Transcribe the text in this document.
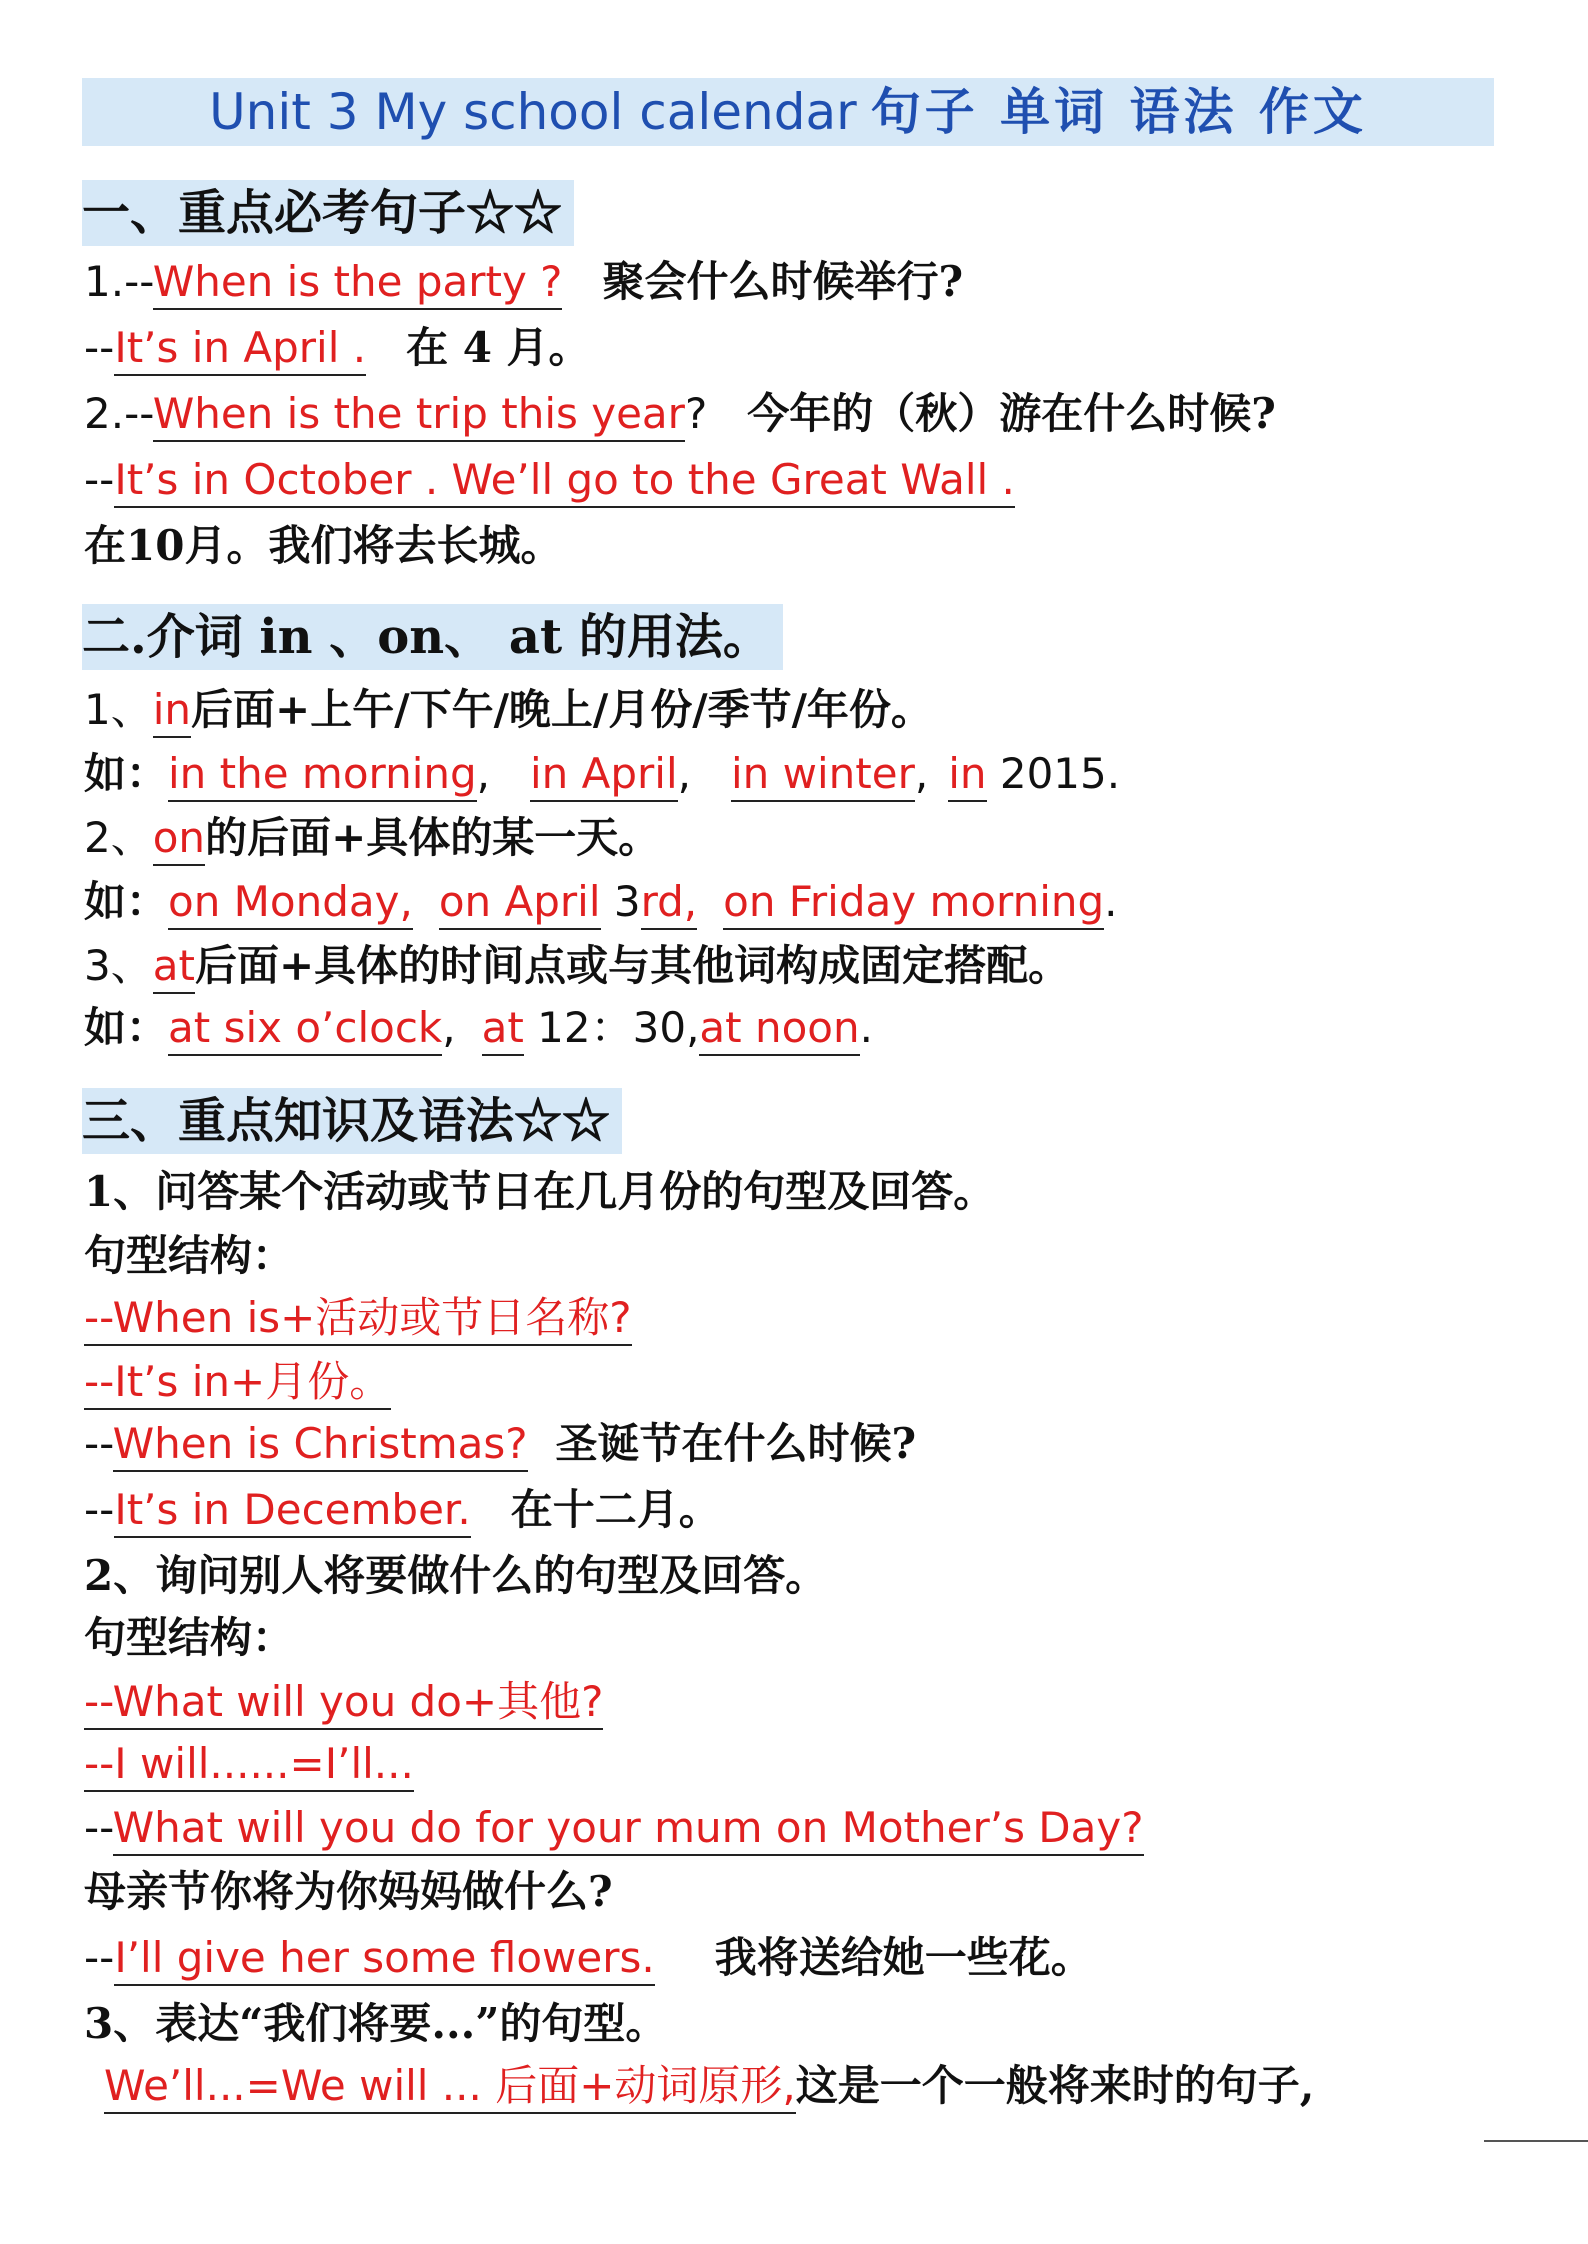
Unit 3 My school calendar 句子 单词 语法 作文
一、重点必考句子☆☆
1.--When is the party ? 聚会什么时候举行?
--It’s in April . 在 4 月。
2.--When is the trip this year? 今年的（秋）游在什么时候?
--It’s in October . We’ll go to the Great Wall .
在10月。我们将去长城。
二.介词 in 、on、 at 的用法。
1、in后面+上午/下午/晚上/月份/季节/年份。
如：in the morning, in April, in winter, in 2015.
2、on的后面+具体的某一天。
如：on Monday, on April 3rd, on Friday morning.
3、at后面+具体的时间点或与其他词构成固定搭配。
如：at six o’clock, at 12：30,at noon.
三、重点知识及语法☆☆
1、问答某个活动或节日在几月份的句型及回答。
句型结构：
--When is+活动或节日名称?
--It’s in+月份。
--When is Christmas? 圣诞节在什么时候?
--It’s in December. 在十二月。
2、询问别人将要做什么的句型及回答。
句型结构：
--What will you do+其他?
--I will......=I’ll...
--What will you do for your mum on Mother’s Day?
母亲节你将为你妈妈做什么?
--I’ll give her some flowers. 我将送给她一些花。
3、表达“我们将要...”的句型。
We’ll...=We will ... 后面+动词原形,这是一个一般将来时的句子,
